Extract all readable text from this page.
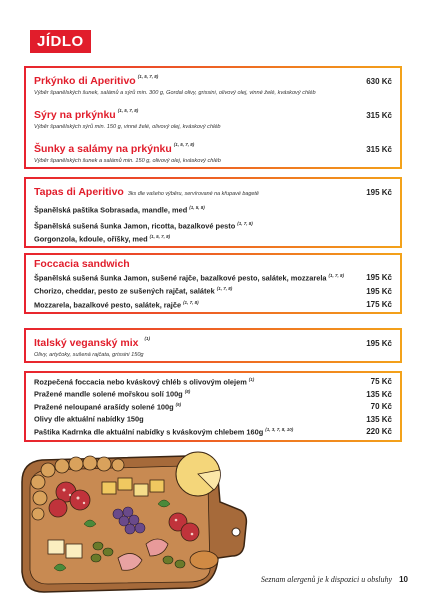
JÍDLO
Prkýnko di Aperitivo $^{(1, 5, 7, 8)}$
630 Kč
Výběr španělských šunek, salámů a sýrů min. 300 g, Gordal olivy, grissini, olivový olej, vinné želé, kváskový chléb
Sýry na prkýnku $^{(1, 5, 7, 8)}$
315 Kč
Výběr španělských sýrů min. 150 g, vinné želé, olivový olej, kváskový chléb
Šunky a salámy na prkýnku $^{(1, 5, 7, 8)}$
315 Kč
Výběr španělských šunek a salámů min. 150 g, olivový olej, kváskový chléb
Tapas di Aperitivo 3ks dle vašeho výběru, servírované na křupavé bagetě	195 Kč
Španělská paštika Sobrasada, mandle, med $^{(1, 5, 8)}$
Španělská sušená šunka Jamon, ricotta, bazalkové pesto $^{(1, 7, 8)}$
Gorgonzola, kdoule, oříšky, med $^{(1, 5, 7, 8)}$
Foccacia sandwich
Španělská sušená šunka Jamon, sušené rajče, bazalkové pesto, salátek, mozzarela $^{(1, 7, 8)}$	195 Kč
Chorizo, cheddar, pesto ze sušených rajčat, salátek $^{(1, 7, 8)}$	195 Kč
Mozzarela, bazalkové pesto, salátek, rajče $^{(1, 7, 8)}$	175 Kč
Italský veganský mix $^{(1)}$
195 Kč
Olivy, artyčoky, sušená rajčata, grissini 150g
Rozpečená foccacia nebo kváskový chléb s olivovým olejem $^{(1)}$	75 Kč
Pražené mandle solené mořskou solí 100g $^{(8)}$	135 Kč
Pražené neloupané arašídy solené 100g $^{(5)}$	70 Kč
Olivy dle aktuální nabídky 150g	135 Kč
Paštika Kadrnka dle aktuální nabídky s kváskovým chlebem 160g $^{(1, 3, 7, 8, 10)}$	220 Kč
Seznam alergenů je k dispozici u obsluhy 10
